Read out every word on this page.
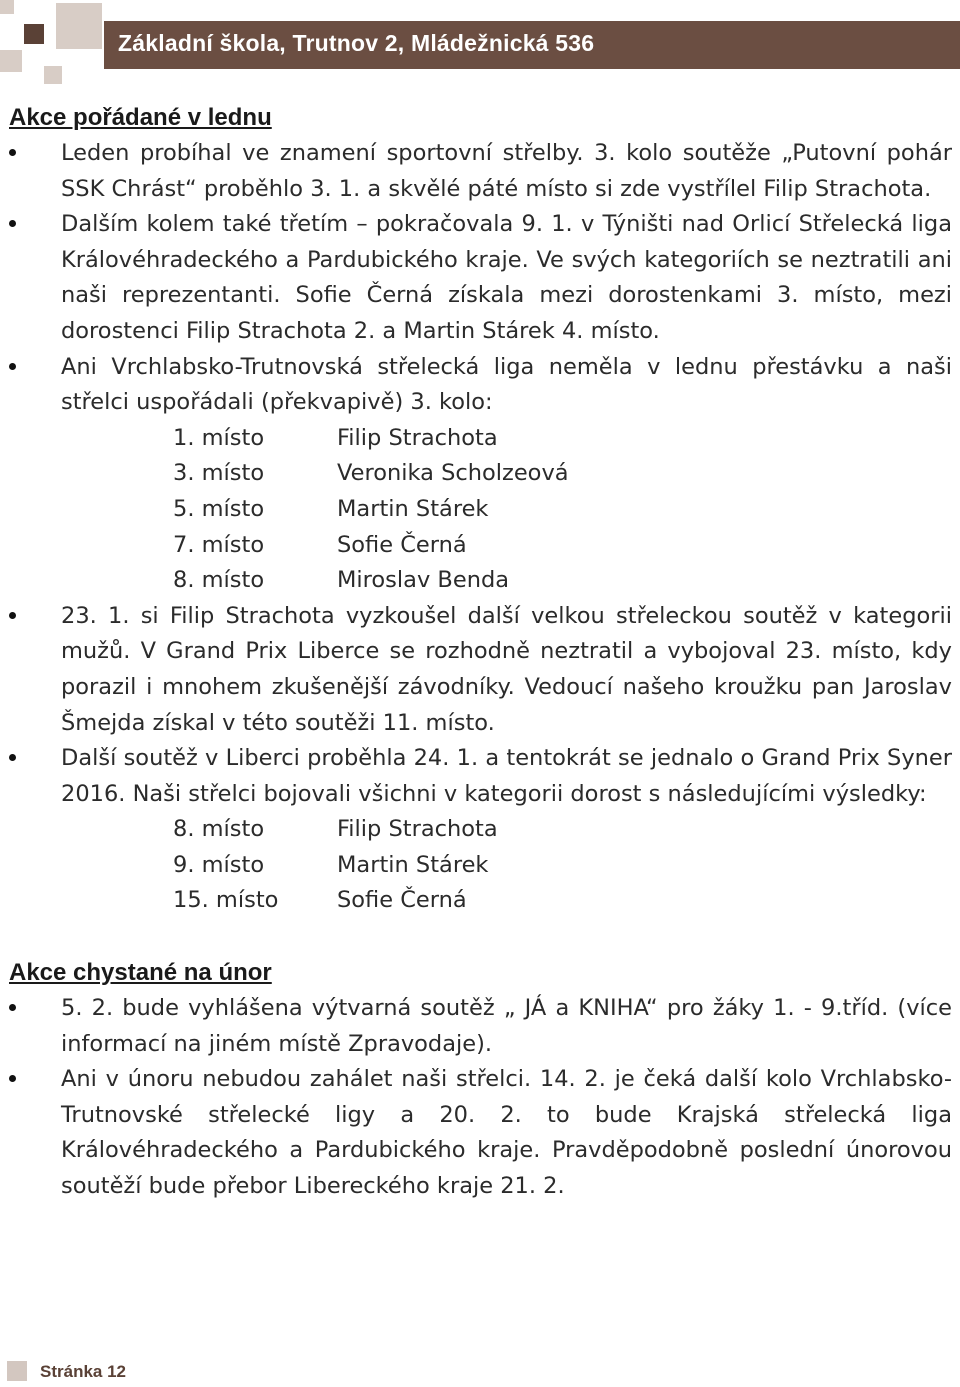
Základní škola, Trutnov 2, Mládežnická 536
Akce pořádané v lednu
Leden probíhal ve znamení sportovní střelby. 3. kolo soutěže „Putovní pohár SSK Chrást“ proběhlo 3. 1. a skvělé páté místo si zde vystřílel Filip Strachota.
Dalším kolem také třetím – pokračovala 9. 1. v Týništi nad Orlicí Střelecká liga Královéhradeckého a Pardubického kraje. Ve svých kategoriích se neztratili ani naši reprezentanti. Sofie Černá získala mezi dorostenkami 3. místo, mezi dorostenci Filip Strachota 2. a Martin Stárek 4. místo.
Ani Vrchlabsko-Trutnovská střelecká liga neměla v lednu přestávku a naši střelci uspořádali (překvapivě) 3. kolo:
1. místo	Filip Strachota
3. místo	Veronika Scholzeová
5. místo	Martin Stárek
7. místo	Sofie Černá
8. místo	Miroslav Benda
23. 1. si Filip Strachota vyzkoušel další velkou střeleckou soutěž v kategorii mužů. V Grand Prix Liberce se rozhodně neztratil a vybojoval 23. místo, kdy porazil i mnohem zkušenější závodníky. Vedoucí našeho kroužku pan Jaroslav Šmejda získal v této soutěži 11. místo.
Další soutěž v Liberci proběhla 24. 1. a tentokrát se jednalo o Grand Prix Syner 2016. Naši střelci bojovali všichni v kategorii dorost s následujícími výsledky:
8. místo	Filip Strachota
9. místo	Martin Stárek
15. místo	Sofie Černá
Akce chystané na únor
5. 2. bude vyhlášena výtvarná soutěž „ JÁ a KNIHA“ pro žáky 1. - 9.tříd. (více informací na jiném místě Zpravodaje).
Ani v únoru nebudou zahálet naši střelci. 14. 2. je čeká další kolo Vrchlabsko-Trutnovské střelecké ligy a 20. 2. to bude Krajská střelecká liga Královéhradeckého a Pardubického kraje. Pravděpodobně poslední únorovou soutěží bude přebor Libereckého kraje 21. 2.
Stránka 12
